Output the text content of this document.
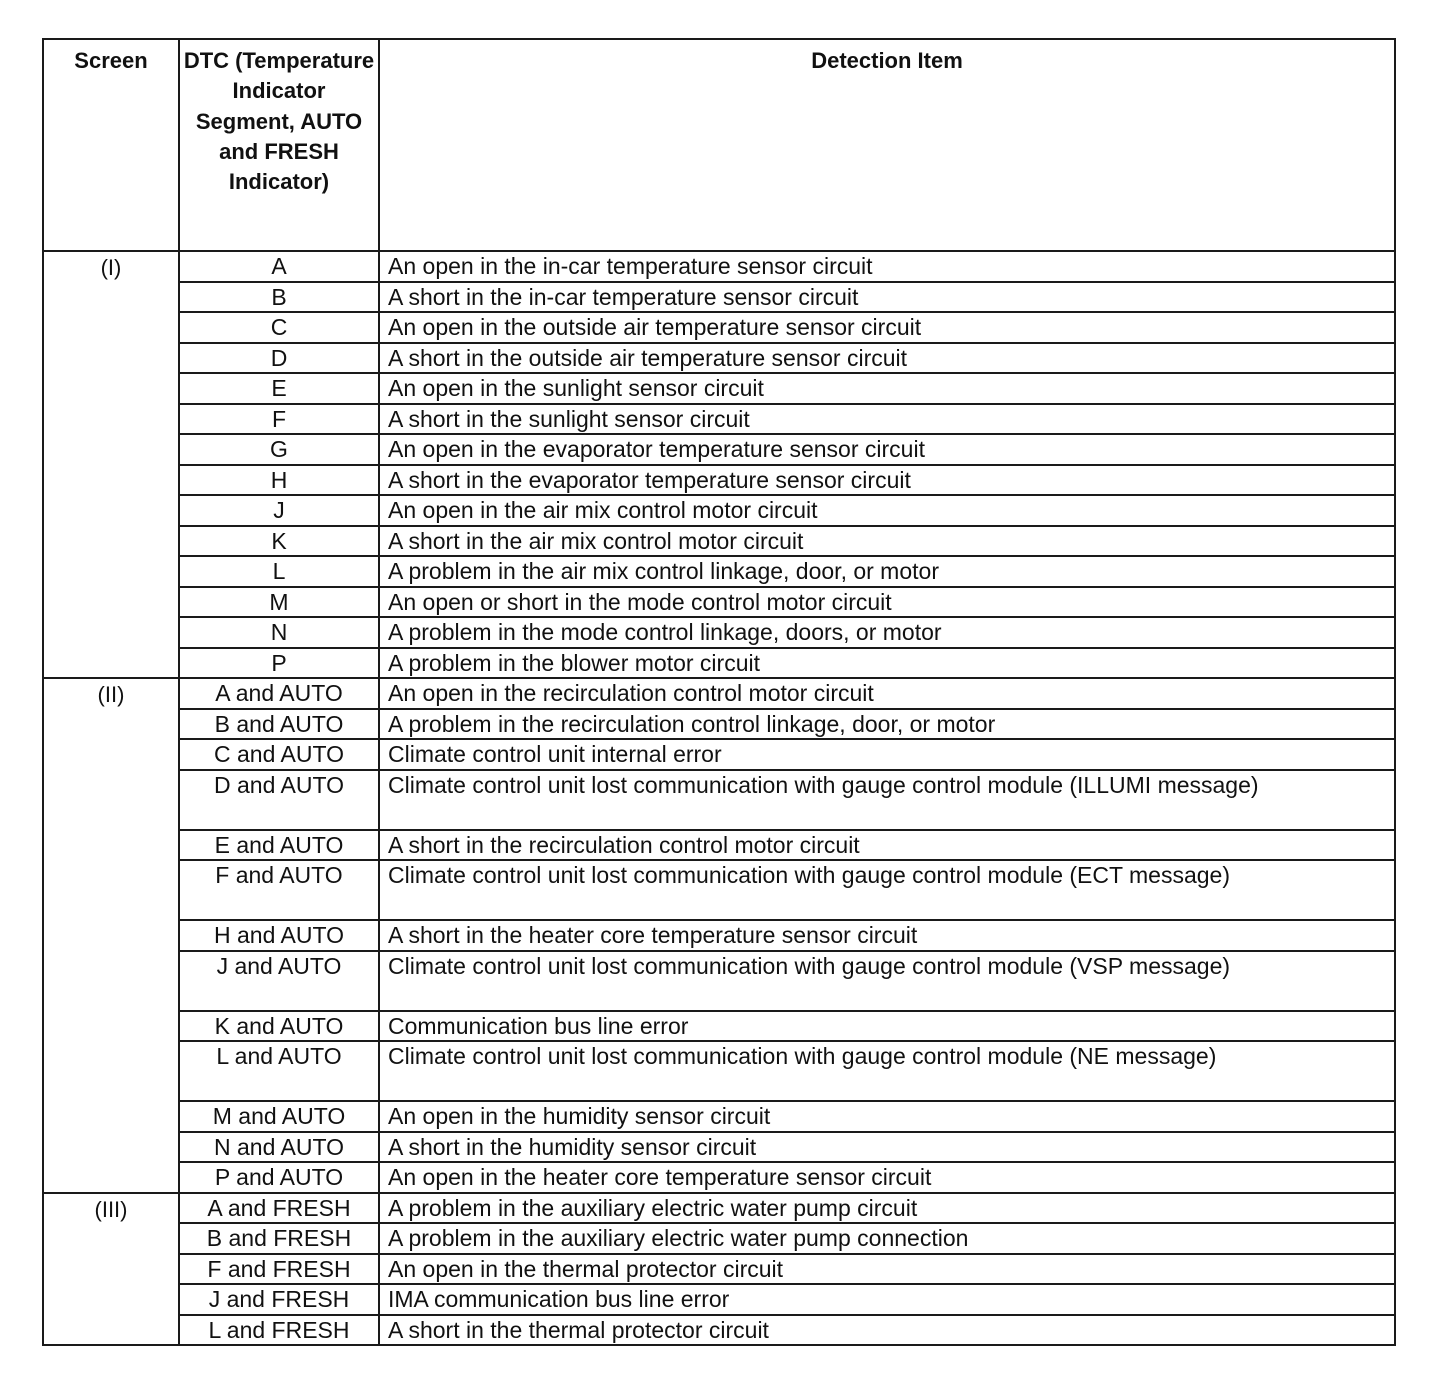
Screen	DTC (Temperature Indicator Segment, AUTO and FRESH Indicator)	Detection Item
(I)	A	An open in the in-car temperature sensor circuit
	B	A short in the in-car temperature sensor circuit
	C	An open in the outside air temperature sensor circuit
	D	A short in the outside air temperature sensor circuit
	E	An open in the sunlight sensor circuit
	F	A short in the sunlight sensor circuit
	G	An open in the evaporator temperature sensor circuit
	H	A short in the evaporator temperature sensor circuit
	J	An open in the air mix control motor circuit
	K	A short in the air mix control motor circuit
	L	A problem in the air mix control linkage, door, or motor
	M	An open or short in the mode control motor circuit
	N	A problem in the mode control linkage, doors, or motor
	P	A problem in the blower motor circuit
(II)	A and AUTO	An open in the recirculation control motor circuit
	B and AUTO	A problem in the recirculation control linkage, door, or motor
	C and AUTO	Climate control unit internal error
	D and AUTO	Climate control unit lost communication with gauge control module (ILLUMI message)
	E and AUTO	A short in the recirculation control motor circuit
	F and AUTO	Climate control unit lost communication with gauge control module (ECT message)
	H and AUTO	A short in the heater core temperature sensor circuit
	J and AUTO	Climate control unit lost communication with gauge control module (VSP message)
	K and AUTO	Communication bus line error
	L and AUTO	Climate control unit lost communication with gauge control module (NE message)
	M and AUTO	An open in the humidity sensor circuit
	N and AUTO	A short in the humidity sensor circuit
	P and AUTO	An open in the heater core temperature sensor circuit
(III)	A and FRESH	A problem in the auxiliary electric water pump circuit
	B and FRESH	A problem in the auxiliary electric water pump connection
	F and FRESH	An open in the thermal protector circuit
	J and FRESH	IMA communication bus line error
	L and FRESH	A short in the thermal protector circuit
